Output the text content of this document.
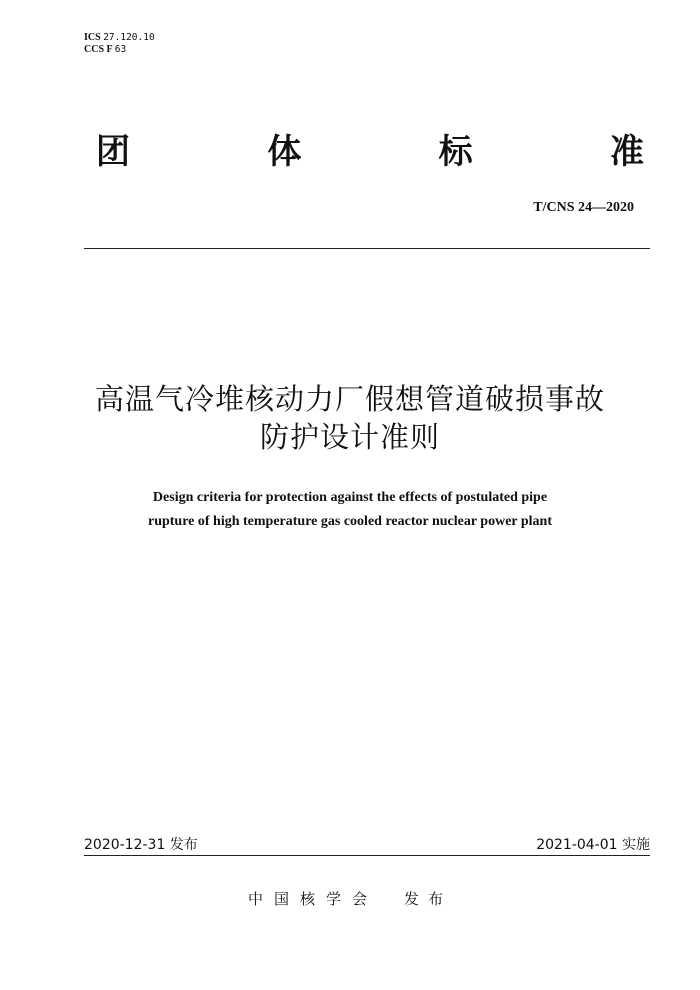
ICS 27.120.10
CCS F 63
团	体	标	准
T/CNS 24—2020
高温气冷堆核动力厂假想管道破损事故
防护设计准则
Design criteria for protection against the effects of postulated pipe
rupture of high temperature gas cooled reactor nuclear power plant
2020-12-31 发布	2021-04-01 实施
中国核学会 发布
